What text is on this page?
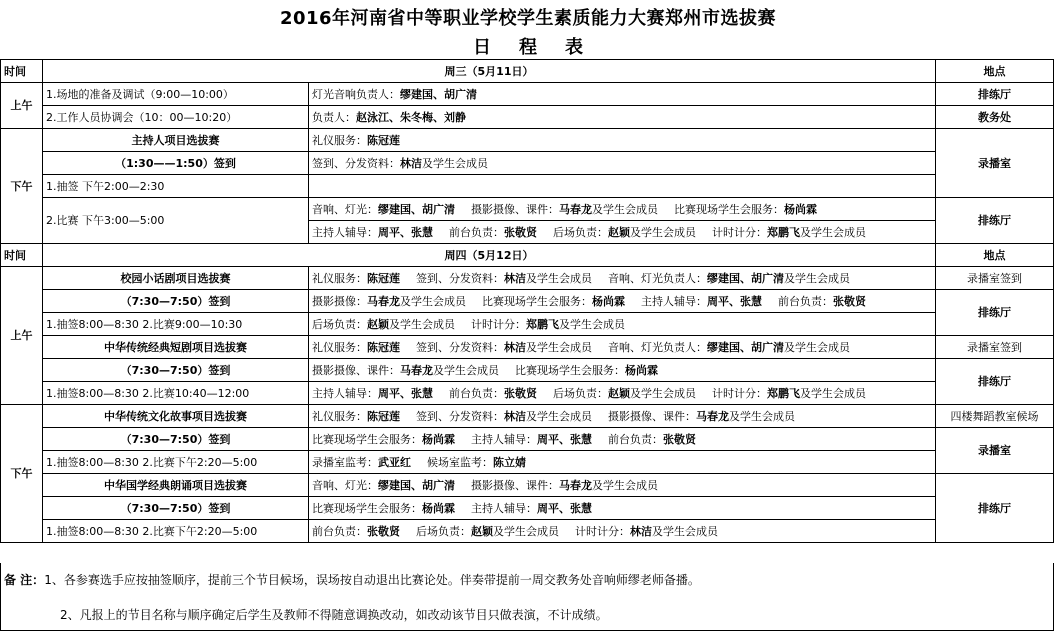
2016年河南省中等职业学校学生素质能力大赛郑州市选拔赛
日程表
时间	周三（5月11日）		地点
上午	1.场地的准备及调试（9:00—10:00）	灯光音响负责人：缪建国、胡广清	排练厅
	2.工作人员协调会（10：00—10:20）	负责人：赵泳江、朱冬梅、刘静	教务处
下午	主持人项目选拔赛	礼仪服务：陈冠莲	录播室
	（1:30——1:50）签到	签到、分发资料：林洁及学生会成员	
	1.抽签 下午2:00—2:30		
	2.比赛 下午3:00—5:00	音响、灯光：缪建国、胡广清 摄影摄像、课件：马春龙及学生会成员 比赛现场学生会服务：杨尚霖	排练厅
		主持人辅导：周平、张慧 前台负责：张敬贤 后场负责：赵颖及学生会成员 计时计分：郑鹏飞及学生会成员	
时间	周四（5月12日）		地点
上午	校园小话剧项目选拔赛	礼仪服务：陈冠莲 签到、分发资料：林洁及学生会成员 音响、灯光负责人：缪建国、胡广清及学生会成员	录播室签到
	（7:30—7:50）签到	摄影摄像：马春龙及学生会成员 比赛现场学生会服务：杨尚霖 主持人辅导：周平、张慧 前台负责：张敬贤	排练厅
	1.抽签8:00—8:30 2.比赛9:00—10:30	后场负责：赵颖及学生会成员 计时计分：郑鹏飞及学生会成员	
	中华传统经典短剧项目选拔赛	礼仪服务：陈冠莲 签到、分发资料：林洁及学生会成员 音响、灯光负责人：缪建国、胡广清及学生会成员	录播室签到
	（7:30—7:50）签到	摄影摄像、课件：马春龙及学生会成员 比赛现场学生会服务：杨尚霖	排练厅
	1.抽签8:00—8:30 2.比赛10:40—12:00	主持人辅导：周平、张慧 前台负责：张敬贤 后场负责：赵颖及学生会成员 计时计分：郑鹏飞及学生会成员	
下午	中华传统文化故事项目选拔赛	礼仪服务：陈冠莲 签到、分发资料：林洁及学生会成员 摄影摄像、课件：马春龙及学生会成员	四楼舞蹈教室候场
	（7:30—7:50）签到	比赛现场学生会服务：杨尚霖 主持人辅导：周平、张慧 前台负责：张敬贤	录播室
	1.抽签8:00—8:30 2.比赛下午2:20—5:00	录播室监考：武亚红 候场室监考：陈立婧	
	中华国学经典朗诵项目选拔赛	音响、灯光：缪建国、胡广清 摄影摄像、课件：马春龙及学生会成员	排练厅
	（7:30—7:50）签到	比赛现场学生会服务：杨尚霖 主持人辅导：周平、张慧	
	1.抽签8:00—8:30 2.比赛下午2:20—5:00	前台负责：张敬贤 后场负责：赵颖及学生会成员 计时计分：林洁及学生会成员	
备 注：1、各参赛选手应按抽签顺序，提前三个节目候场，误场按自动退出比赛论处。伴奏带提前一周交教务处音响师缪老师备播。
2、凡报上的节目名称与顺序确定后学生及教师不得随意调换改动，如改动该节目只做表演，不计成绩。
